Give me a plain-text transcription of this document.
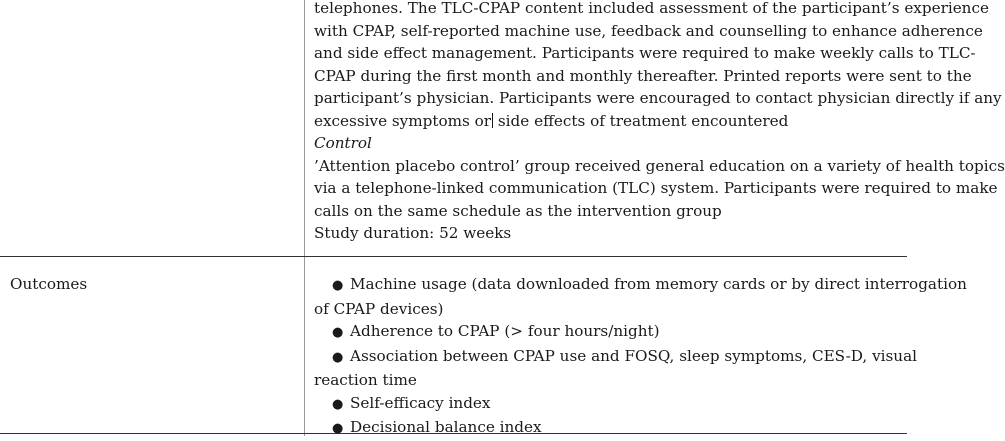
telephones. The TLC-CPAP content included assessment of the participant’s experience
with CPAP, self-reported machine use, feedback and counselling to enhance adherence
and side effect management. Participants were required to make weekly calls to TLC-
CPAP during the first month and monthly thereafter. Printed reports were sent to the
participant’s physician. Participants were encouraged to contact physician directly if any
excessive symptoms or side effects of treatment encountered
Control
’Attention placebo control’ group received general education on a variety of health topics
via a telephone-linked communication (TLC) system. Participants were required to make
calls on the same schedule as the intervention group
Study duration: 52 weeks
Outcomes	● Machine usage (data downloaded from memory cards or by direct interrogation
of CPAP devices)
● Adherence to CPAP (> four hours/night)
● Association between CPAP use and FOSQ, sleep symptoms, CES-D, visual
reaction time
● Self-efficacy index
● Decisional balance index
